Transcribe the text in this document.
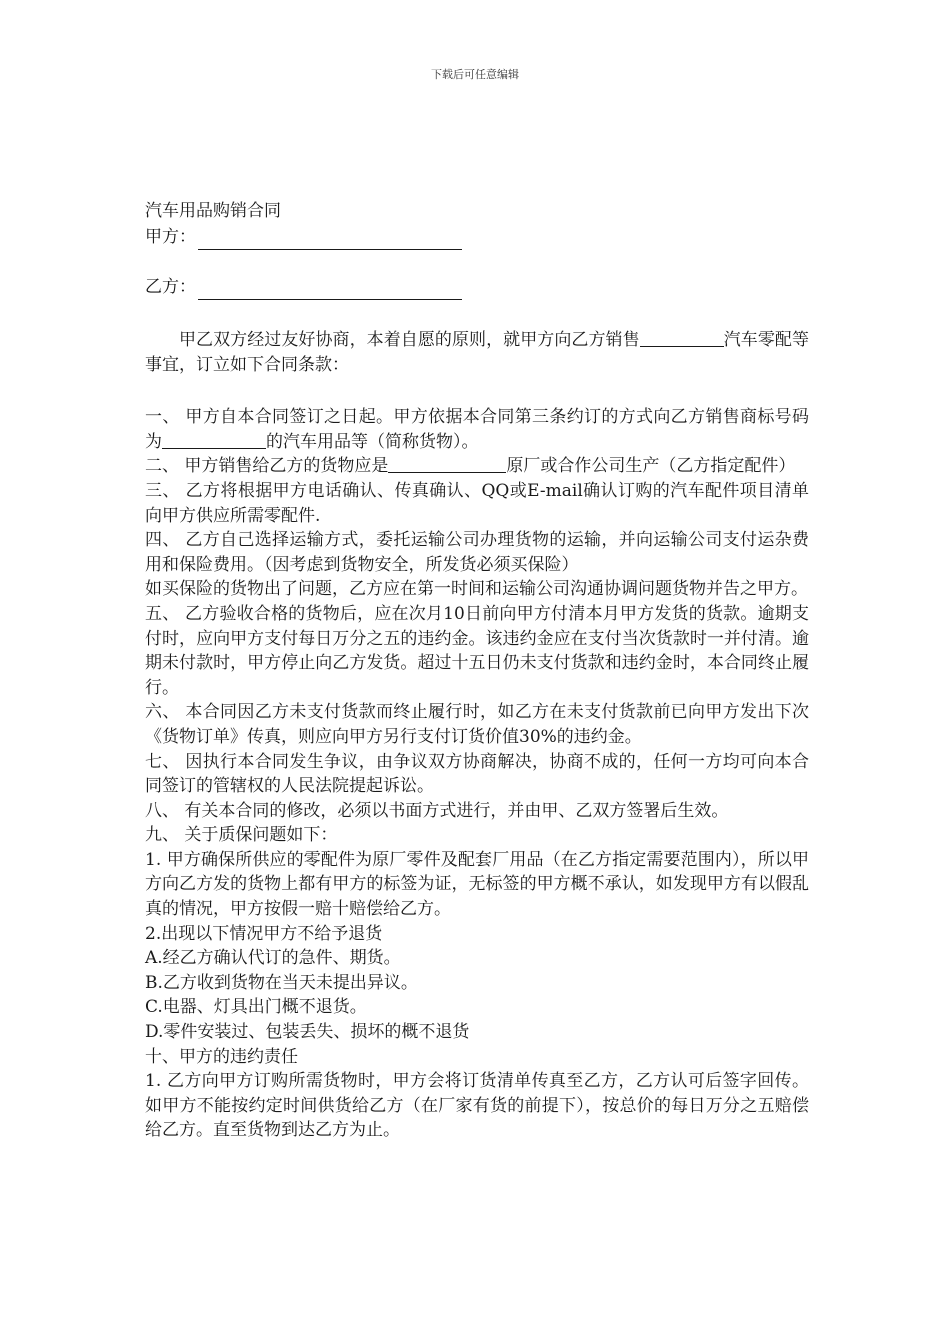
下载后可任意编辑
汽车用品购销合同
甲方：
乙方：

甲乙双方经过友好协商，本着自愿的原则，就甲方向乙方销售	汽车零配等事宜，订立如下合同条款：

一、 甲方自本合同签订之日起。甲方依据本合同第三条约订的方式向乙方销售商标号码为	的汽车用品等（简称货物）。

二、 甲方销售给乙方的货物应是	原厂或合作公司生产（乙方指定配件）

三、 乙方将根据甲方电话确认、传真确认、QQ或E-mail确认订购的汽车配件项目清单向甲方供应所需零配件.

四、 乙方自己选择运输方式，委托运输公司办理货物的运输，并向运输公司支付运杂费用和保险费用。（因考虑到货物安全，所发货必须买保险）

如买保险的货物出了问题，乙方应在第一时间和运输公司沟通协调问题货物并告之甲方。

五、 乙方验收合格的货物后，应在次月10日前向甲方付清本月甲方发货的货款。逾期支付时，应向甲方支付每日万分之五的违约金。该违约金应在支付当次货款时一并付清。逾期未付款时，甲方停止向乙方发货。超过十五日仍未支付货款和违约金时，本合同终止履行。

六、 本合同因乙方未支付货款而终止履行时，如乙方在未支付货款前已向甲方发出下次《货物订单》传真，则应向甲方另行支付订货价值30%的违约金。

七、 因执行本合同发生争议，由争议双方协商解决，协商不成的，任何一方均可向本合同签订的管辖权的人民法院提起诉讼。

八、 有关本合同的修改，必须以书面方式进行，并由甲、乙双方签署后生效。

九、 关于质保问题如下：

1. 甲方确保所供应的零配件为原厂零件及配套厂用品（在乙方指定需要范围内），所以甲方向乙方发的货物上都有甲方的标签为证，无标签的甲方概不承认，如发现甲方有以假乱真的情况，甲方按假一赔十赔偿给乙方。

2.出现以下情况甲方不给予退货

A.经乙方确认代订的急件、期货。

B.乙方收到货物在当天未提出异议。

C.电器、灯具出门概不退货。

D.零件安装过、包装丢失、损坏的概不退货

十、甲方的违约责任

1. 乙方向甲方订购所需货物时，甲方会将订货清单传真至乙方，乙方认可后签字回传。如甲方不能按约定时间供货给乙方（在厂家有货的前提下），按总价的每日万分之五赔偿给乙方。直至货物到达乙方为止。
